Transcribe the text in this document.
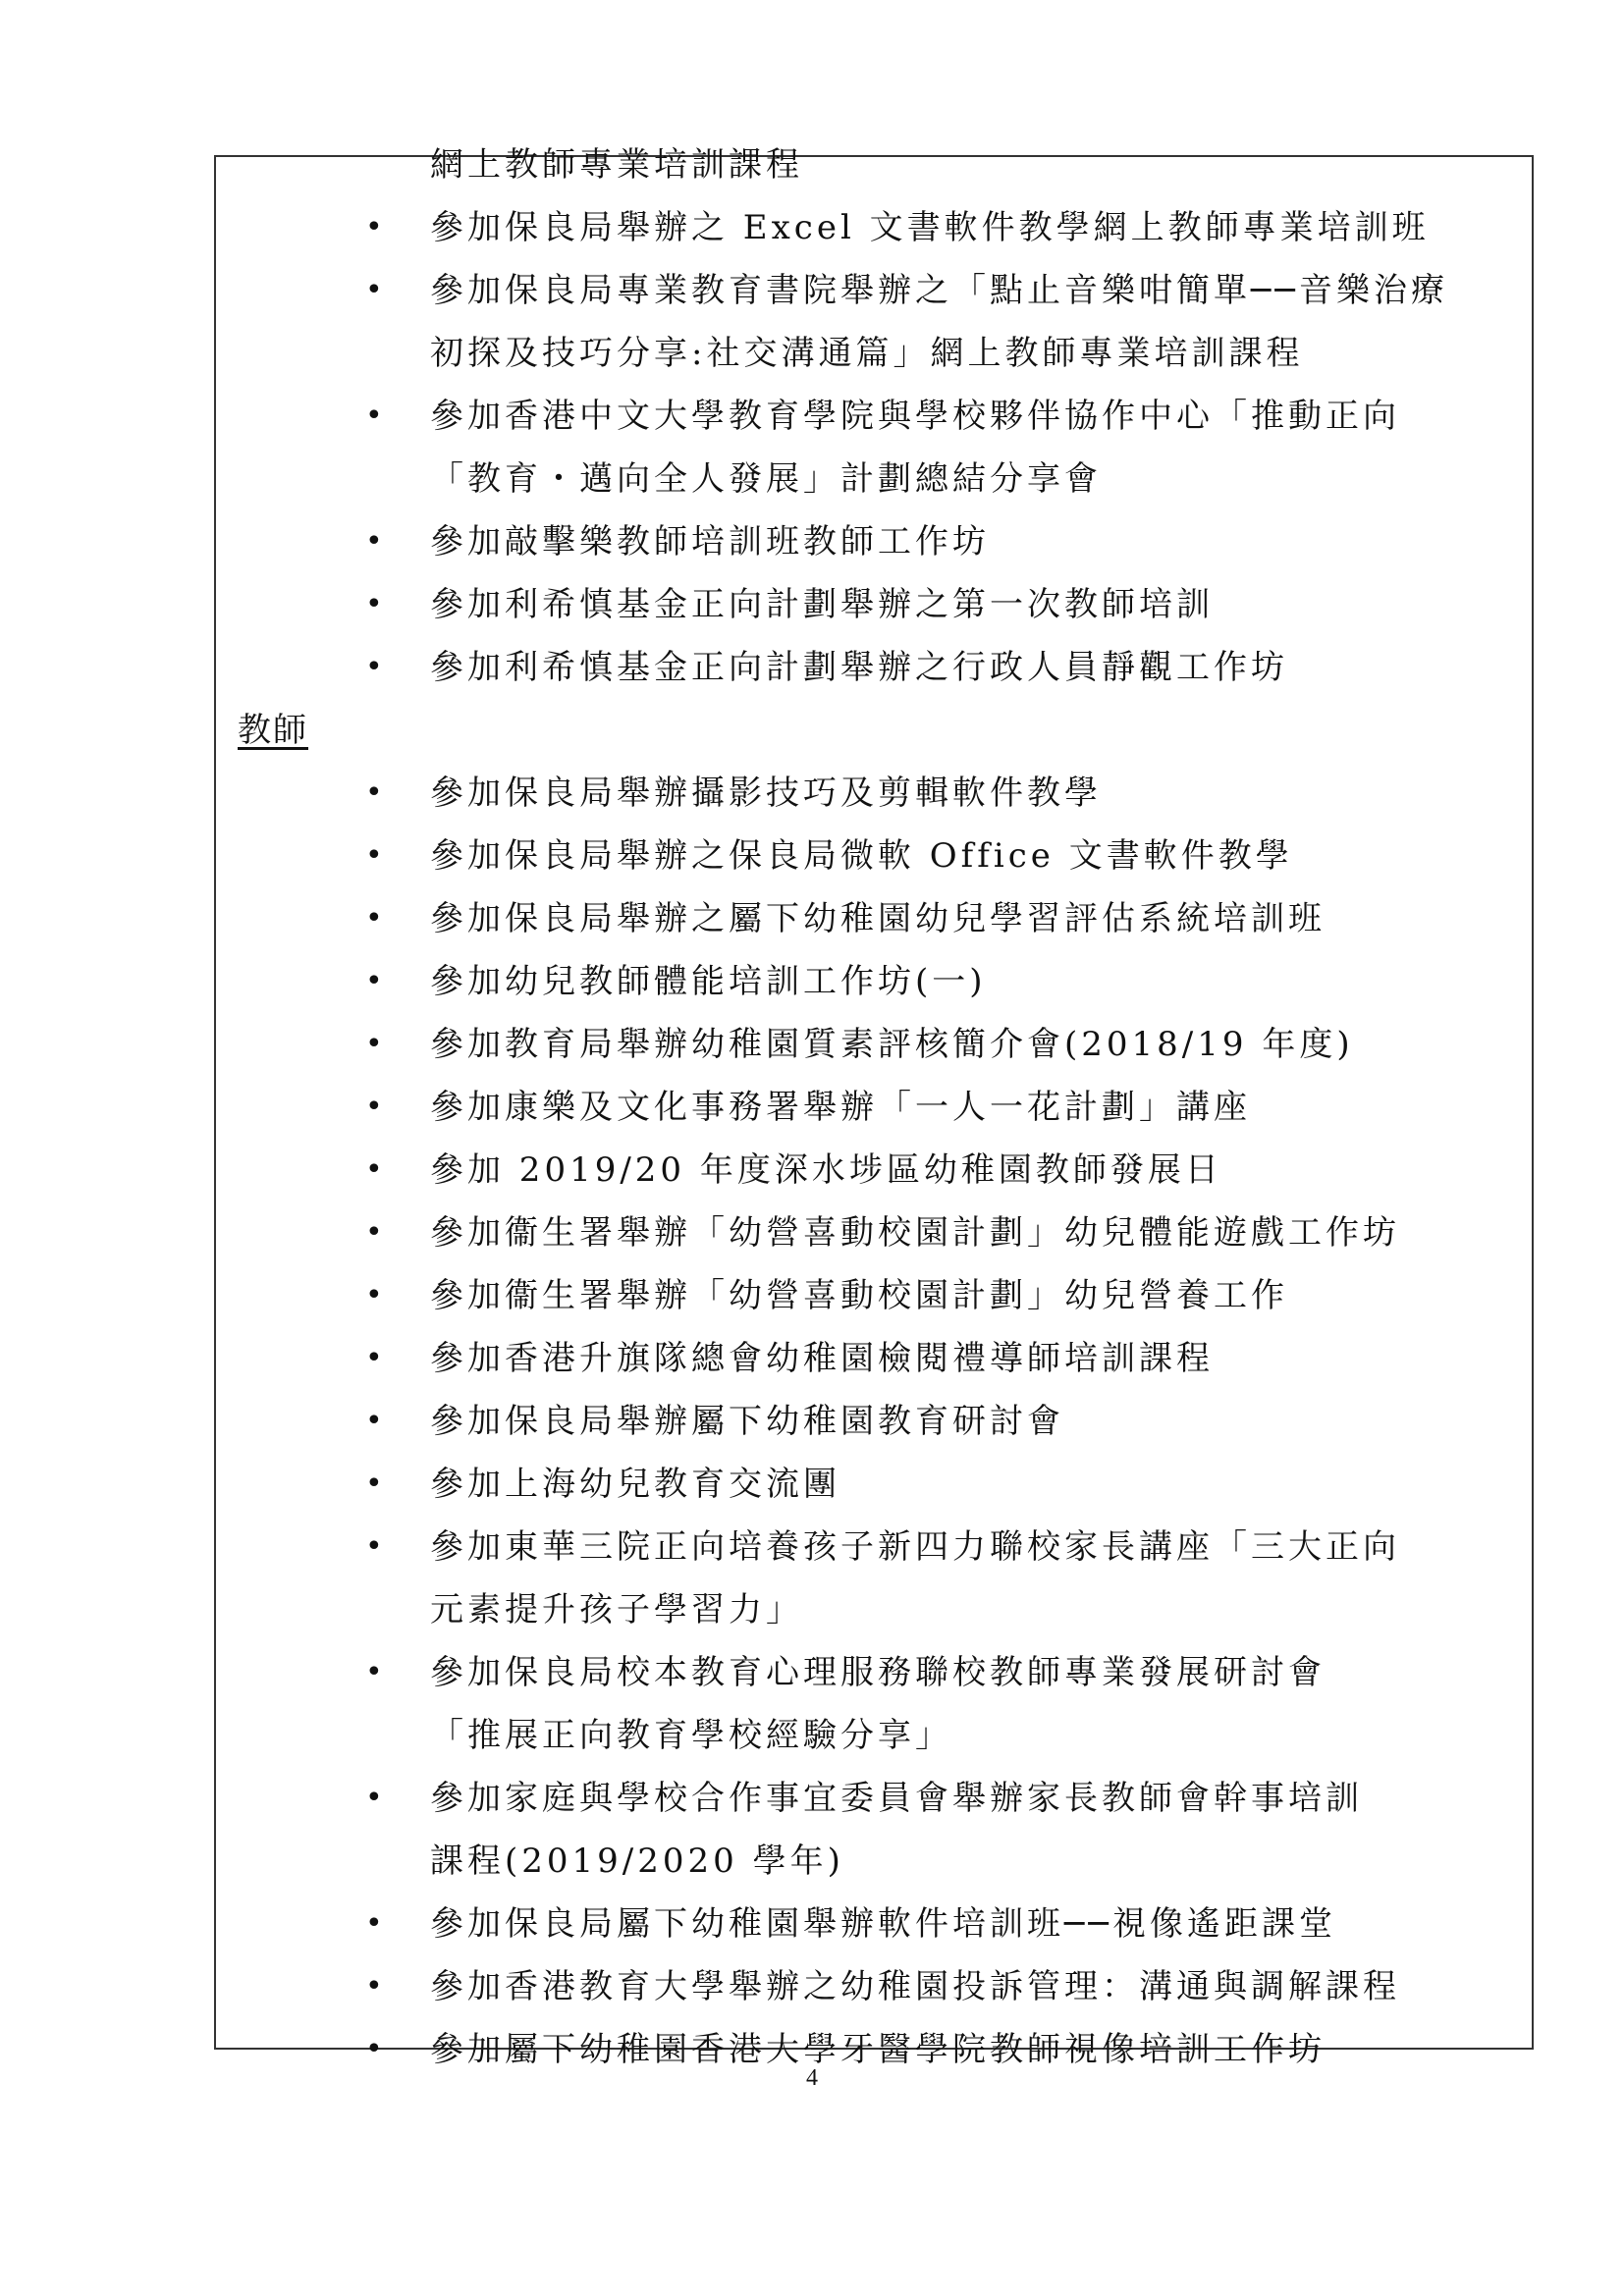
網上教師專業培訓課程
• 參加保良局舉辦之 Excel 文書軟件教學網上教師專業培訓班
• 參加保良局專業教育書院舉辦之「點止音樂咁簡單──音樂治療
初探及技巧分享:社交溝通篇」網上教師專業培訓課程
• 參加香港中文大學教育學院與學校夥伴協作中心「推動正向
「教育・邁向全人發展」計劃總結分享會
• 參加敲擊樂教師培訓班教師工作坊
• 參加利希慎基金正向計劃舉辦之第一次教師培訓
• 參加利希慎基金正向計劃舉辦之行政人員靜觀工作坊
教師
• 參加保良局舉辦攝影技巧及剪輯軟件教學
• 參加保良局舉辦之保良局微軟 Office 文書軟件教學
• 參加保良局舉辦之屬下幼稚園幼兒學習評估系統培訓班
• 參加幼兒教師體能培訓工作坊(一)
• 參加教育局舉辦幼稚園質素評核簡介會(2018/19 年度)
• 參加康樂及文化事務署舉辦「一人一花計劃」講座
• 參加 2019/20 年度深水埗區幼稚園教師發展日
• 參加衞生署舉辦「幼營喜動校園計劃」幼兒體能遊戲工作坊
• 參加衞生署舉辦「幼營喜動校園計劃」幼兒營養工作
• 參加香港升旗隊總會幼稚園檢閱禮導師培訓課程
• 參加保良局舉辦屬下幼稚園教育研討會
• 參加上海幼兒教育交流團
• 參加東華三院正向培養孩子新四力聯校家長講座「三大正向
元素提升孩子學習力」
• 參加保良局校本教育心理服務聯校教師專業發展研討會
「推展正向教育學校經驗分享」
• 參加家庭與學校合作事宜委員會舉辦家長教師會幹事培訓
課程(2019/2020 學年)
• 參加保良局屬下幼稚園舉辦軟件培訓班──視像遙距課堂
• 參加香港教育大學舉辦之幼稚園投訴管理：溝通與調解課程
• 參加屬下幼稚園香港大學牙醫學院教師視像培訓工作坊
4
